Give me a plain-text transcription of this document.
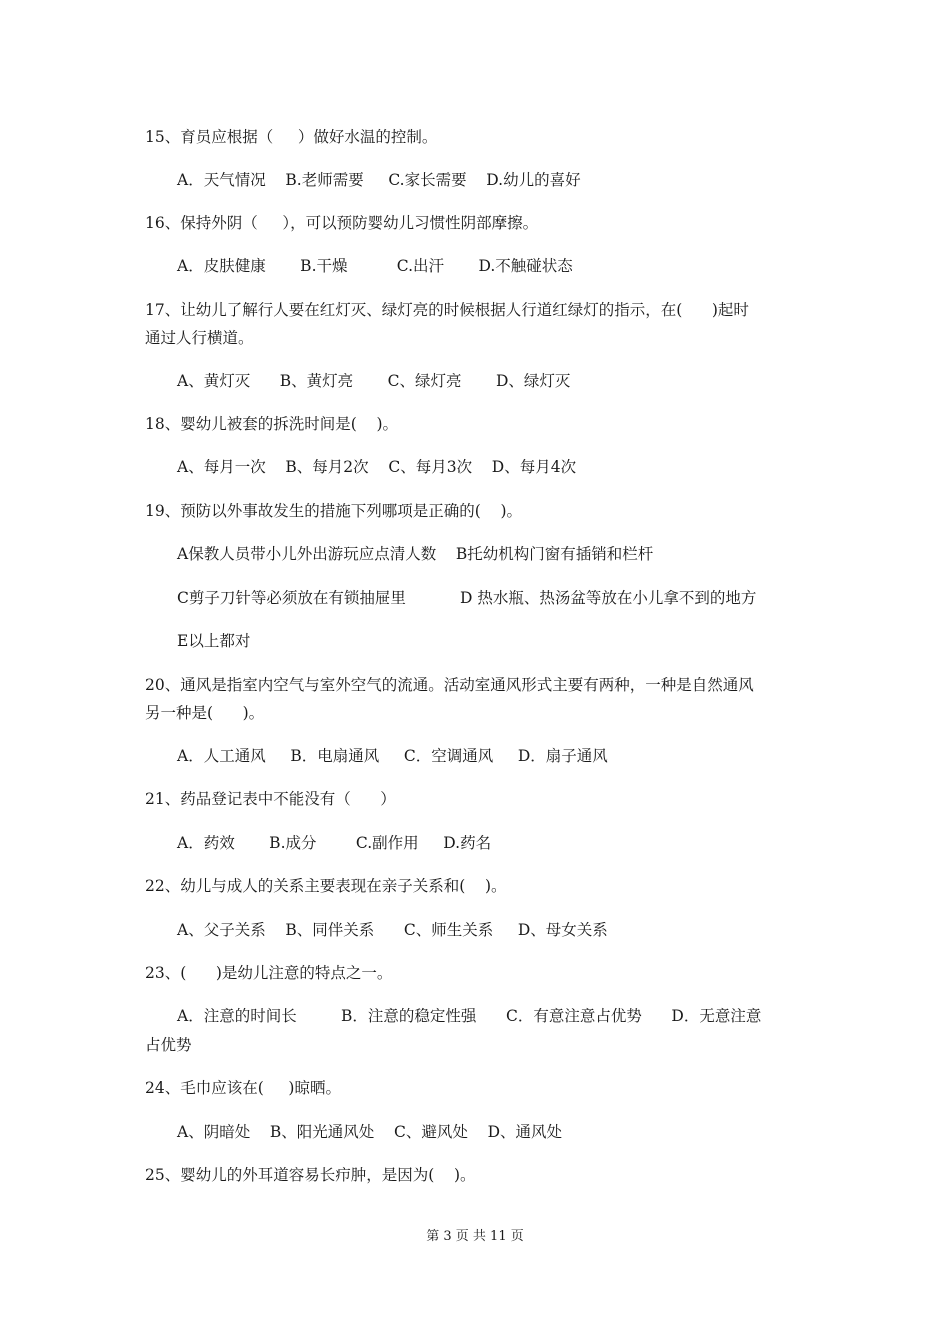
15、育员应根据（     ）做好水温的控制。
A．天气情况    B.老师需要     C.家长需要    D.幼儿的喜好
16、保持外阴（     ），可以预防婴幼儿习惯性阴部摩擦。
A．皮肤健康       B.干燥          C.出汗       D.不触碰状态
17、让幼儿了解行人要在红灯灭、绿灯亮的时候根据人行道红绿灯的指示，在(      )起时
通过人行横道。
A、黄灯灭      B、黄灯亮       C、绿灯亮       D、绿灯灭
18、婴幼儿被套的拆洗时间是(    )。
A、每月一次    B、每月2次    C、每月3次    D、每月4次
19、预防以外事故发生的措施下列哪项是正确的(    )。
A保教人员带小儿外出游玩应点清人数    B托幼机构门窗有插销和栏杆
C剪子刀针等必须放在有锁抽屉里           D 热水瓶、热汤盆等放在小儿拿不到的地方
E以上都对
20、通风是指室内空气与室外空气的流通。活动室通风形式主要有两种，一种是自然通风
另一种是(      )。
A．人工通风     B．电扇通风     C．空调通风     D．扇子通风
21、药品登记表中不能没有（      ）
A．药效       B.成分        C.副作用     D.药名
22、幼儿与成人的关系主要表现在亲子关系和(    )。
A、父子关系    B、同伴关系      C、师生关系     D、母女关系
23、(      )是幼儿注意的特点之一。
A．注意的时间长         B．注意的稳定性强      C．有意注意占优势      D．无意注意
占优势
24、毛巾应该在(     )晾晒。
A、阴暗处    B、阳光通风处    C、避风处    D、通风处
25、婴幼儿的外耳道容易长疖肿，是因为(    )。
第 3 页 共 11 页
